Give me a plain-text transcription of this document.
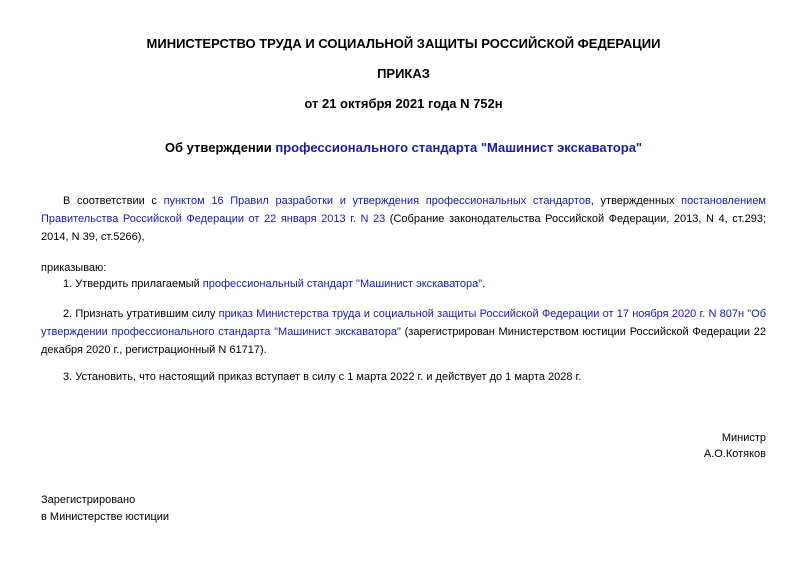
МИНИСТЕРСТВО ТРУДА И СОЦИАЛЬНОЙ ЗАЩИТЫ РОССИЙСКОЙ ФЕДЕРАЦИИ
ПРИКАЗ
от 21 октября 2021 года N 752н
Об утверждении профессионального стандарта "Машинист экскаватора"
В соответствии с пунктом 16 Правил разработки и утверждения профессиональных стандартов, утвержденных постановлением Правительства Российской Федерации от 22 января 2013 г. N 23 (Собрание законодательства Российской Федерации, 2013, N 4, ст.293; 2014, N 39, ст.5266),
приказываю:
1. Утвердить прилагаемый профессиональный стандарт "Машинист экскаватора".
2. Признать утратившим силу приказ Министерства труда и социальной защиты Российской Федерации от 17 ноября 2020 г. N 807н "Об утверждении профессионального стандарта "Машинист экскаватора" (зарегистрирован Министерством юстиции Российской Федерации 22 декабря 2020 г., регистрационный N 61717).
3. Установить, что настоящий приказ вступает в силу с 1 марта 2022 г. и действует до 1 марта 2028 г.
Министр
А.О.Котяков
Зарегистрировано
в Министерстве юстиции
